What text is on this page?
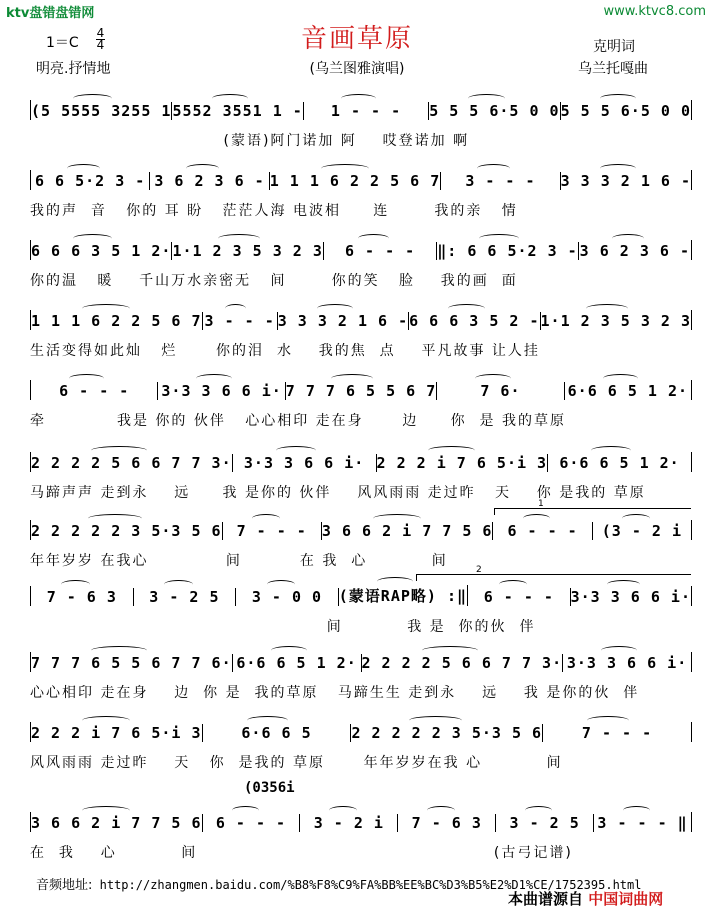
ktv盘错盘错网	www.ktvc8.com
音画草原
1＝C
4
4	克明词
明亮.抒情地	(乌兰图雅演唱)	乌兰托嘎曲
(5 5555 3255 1 5552 3551 1 -	1 - - -	5 5 5 6·5 0 0 5 5 5 6·5 0 0
(蒙语)阿门诺加 阿    哎登诺加 啊
6 6 5·2 3 - 3 6 2 3 6 - 1 1 1 6 2 2 5 6 7	3 - - -	3 3 3 2 1 6 -
我的声  音   你的 耳 盼   茫茫人海 电波相     连       我的亲   情
6 6 6 3 5 1 2· 1·1 2 3 5 3 2 3	6 - - -	‖: 6 6 5·2 3 - 3 6 2 3 6 -
你的温   暖    千山万水亲密无   间       你的笑   脸    我的画  面
1 1 1 6 2 2 5 6 7 3 - - - 3 3 3 2 1 6 - 6 6 6 3 5 2 - 1·1 2 3 5 3 2 3
生活变得如此灿   烂      你的泪  水    我的焦  点    平凡故事 让人挂
6 - - -	3·3 3 6 6 i· 7 7 7 6 5 5 6 7	7 6·	6·6 6 5 1 2·
牵           我是 你的 伙伴   心心相印 走在身      边     你  是 我的草原
2 2 2 2 5 6 6 7 7 3· 3·3 3 6 6 i· 2 2 2 i 7 6 5·i 3 6·6 6 5 1 2·
马蹄声声 走到永    远     我 是你的 伙伴    风风雨雨 走过昨   天    你 是我的 草原
2 2 2 2 2 3 5·3 5 6	7 - - -	3 6 6 2 i 7 7 5 6	6 - - -	(3 - 2 i
年年岁岁 在我心            间         在 我  心          间
7 - 6 3	3 - 2 5	3 - 0 0	(蒙语RAP略) :‖	6 - - -	3·3 3 6 6 i·
间          我 是  你的伙  伴
7 7 7 6 5 5 6 7 7 6· 6·6 6 5 1 2· 2 2 2 2 5 6 6 7 7 3· 3·3 3 6 6 i·
心心相印 走在身    边  你 是  我的草原   马蹄生生 走到永    远    我 是你的伙  伴
2 2 2 i 7 6 5·i 3	6·6 6 5	2 2 2 2 2 3 5·3 5 6	7 - - -
风风雨雨 走过昨    天   你  是我的 草原      年年岁岁在我 心          间
3 6 6 2 i 7 7 5 6 6 - - -	3 - 2 i	7 - 6 3	3 - 2 5	3 - - - ‖
在  我    心          间                                              (古弓记谱)
(0356i
1
2
音频地址: http://zhangmen.baidu.com/%B8%F8%C9%FA%BB%EE%BC%D3%B5%E2%D1%CE/1752395.html
本曲谱源自 中国词曲网
